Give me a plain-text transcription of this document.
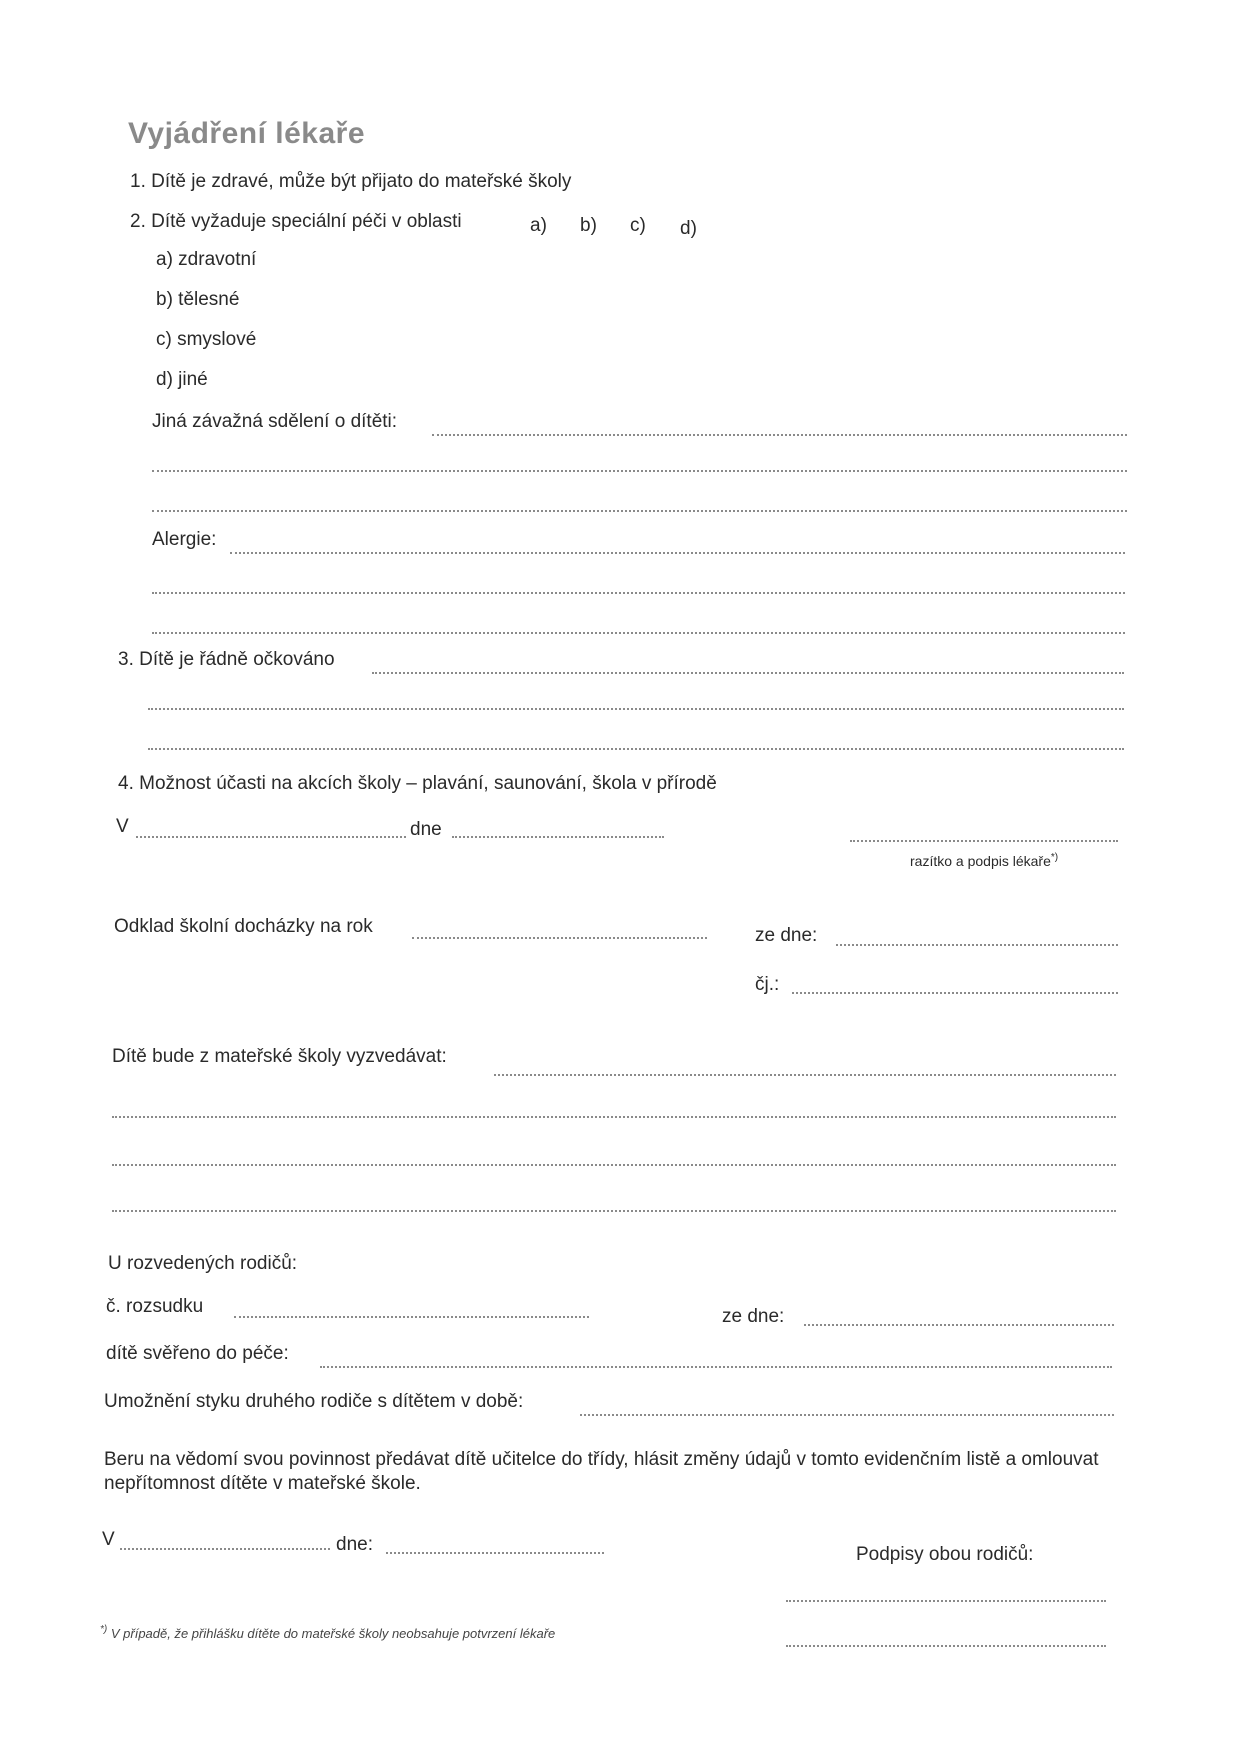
Vyjádření lékaře
1. Dítě je zdravé, může být přijato do mateřské školy
2. Dítě vyžaduje speciální péči v oblasti	a) b) c) d)
a) zdravotní
b) tělesné
c) smyslové
d) jiné
Jiná závažná sdělení o dítěti:
Alergie:
3. Dítě je řádně očkováno
4. Možnost účasti na akcích školy – plavání, saunování, škola v přírodě
V	dne
razítko a podpis lékaře*)
Odklad školní docházky na rok	ze dne:
čj.:
Dítě bude z mateřské školy vyzvedávat:
U rozvedených rodičů:
č. rozsudku	ze dne:
dítě svěřeno do péče:
Umožnění styku druhého rodiče s dítětem v době:
Beru na vědomí svou povinnost předávat dítě učitelce do třídy, hlásit změny údajů v tomto evidenčním listě a omlouvat nepřítomnost dítěte v mateřské škole.
V	dne:	Podpisy obou rodičů:
*) V případě, že přihlášku dítěte do mateřské školy neobsahuje potvrzení lékaře
